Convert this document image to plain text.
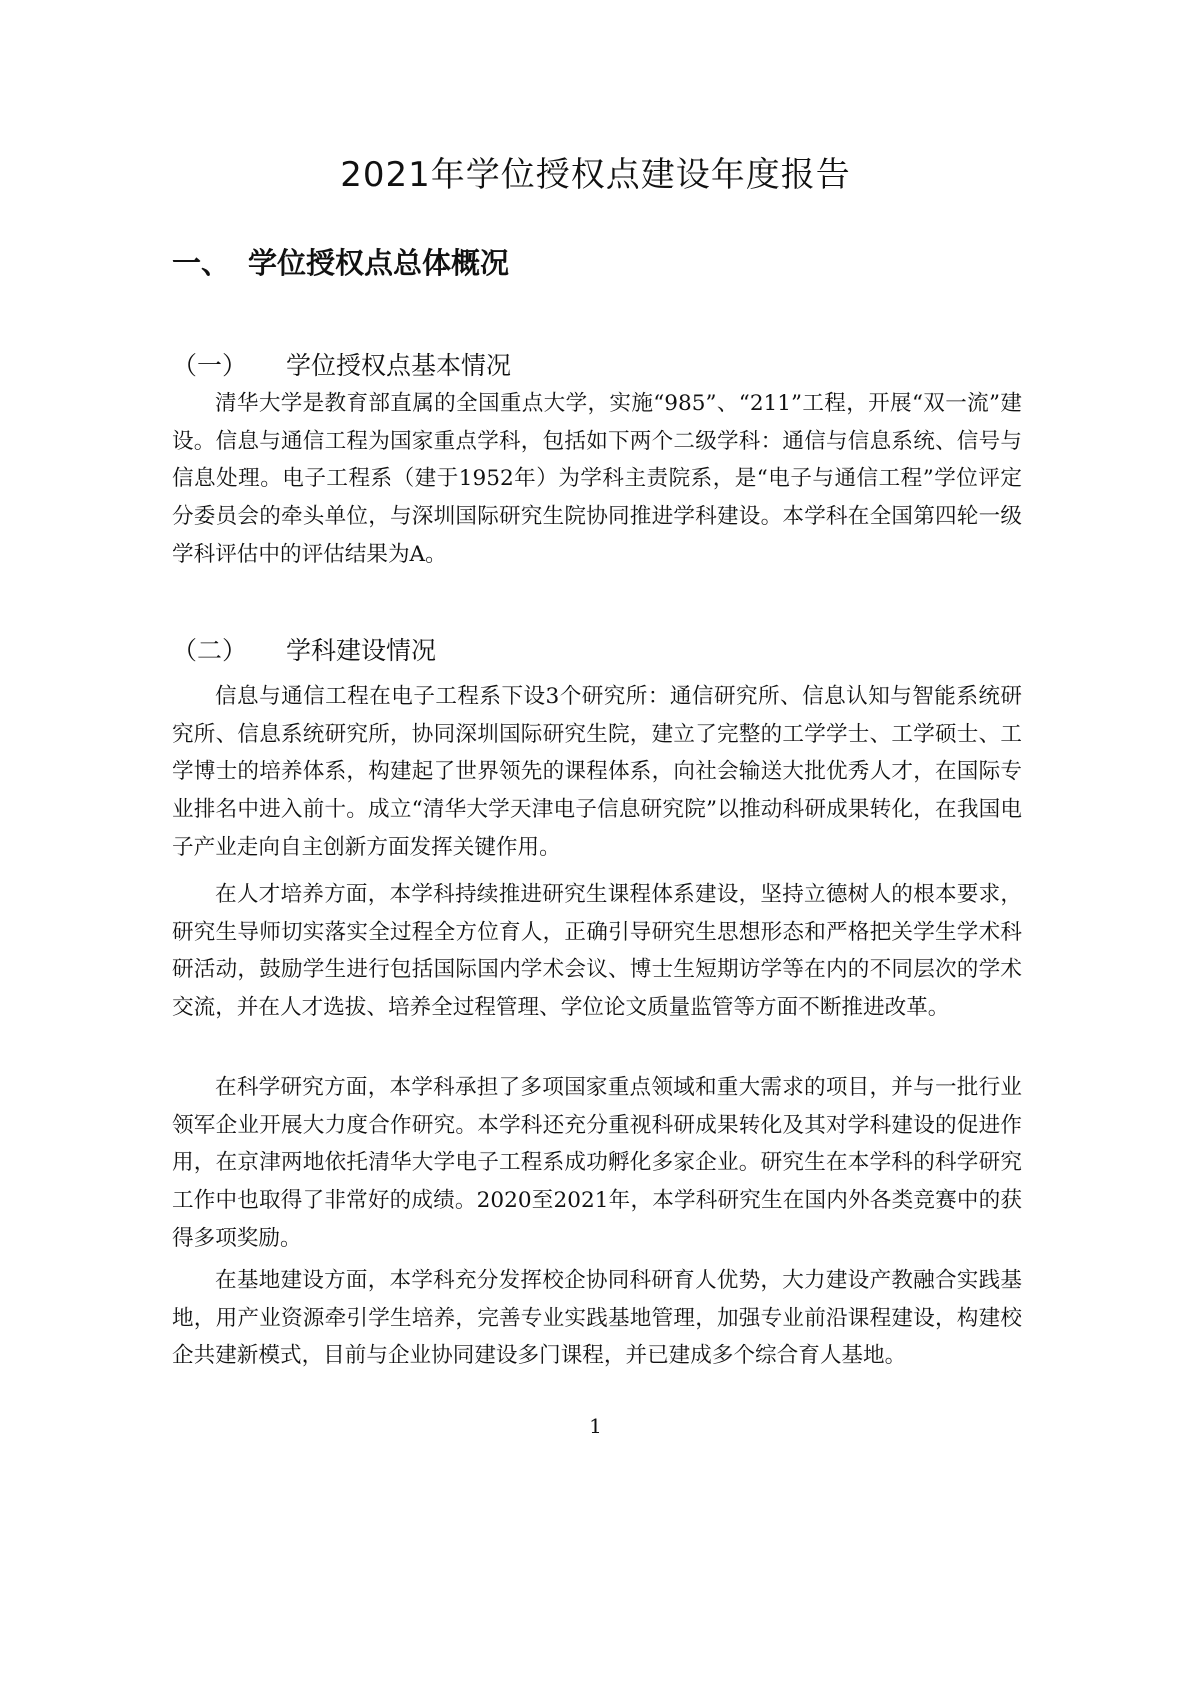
2021年学位授权点建设年度报告
一、 学位授权点总体概况
（一） 学位授权点基本情况

清华大学是教育部直属的全国重点大学，实施“985”、“211”工程，开展“双一流”建设。信息与通信工程为国家重点学科，包括如下两个二级学科：通信与信息系统、信号与信息处理。电子工程系（建于1952年）为学科主责院系，是“电子与通信工程”学位评定分委员会的牵头单位，与深圳国际研究生院协同推进学科建设。本学科在全国第四轮一级学科评估中的评估结果为A。

（二） 学科建设情况

信息与通信工程在电子工程系下设3个研究所：通信研究所、信息认知与智能系统研究所、信息系统研究所，协同深圳国际研究生院，建立了完整的工学学士、工学硕士、工学博士的培养体系，构建起了世界领先的课程体系，向社会输送大批优秀人才，在国际专业排名中进入前十。成立“清华大学天津电子信息研究院”以推动科研成果转化，在我国电子产业走向自主创新方面发挥关键作用。

在人才培养方面，本学科持续推进研究生课程体系建设，坚持立德树人的根本要求，研究生导师切实落实全过程全方位育人，正确引导研究生思想形态和严格把关学生学术科研活动，鼓励学生进行包括国际国内学术会议、博士生短期访学等在内的不同层次的学术交流，并在人才选拔、培养全过程管理、学位论文质量监管等方面不断推进改革。

在科学研究方面，本学科承担了多项国家重点领域和重大需求的项目，并与一批行业领军企业开展大力度合作研究。本学科还充分重视科研成果转化及其对学科建设的促进作用，在京津两地依托清华大学电子工程系成功孵化多家企业。研究生在本学科的科学研究工作中也取得了非常好的成绩。2020至2021年，本学科研究生在国内外各类竞赛中的获得多项奖励。

在基地建设方面，本学科充分发挥校企协同科研育人优势，大力建设产教融合实践基地，用产业资源牵引学生培养，完善专业实践基地管理，加强专业前沿课程建设，构建校企共建新模式，目前与企业协同建设多门课程，并已建成多个综合育人基地。

1
